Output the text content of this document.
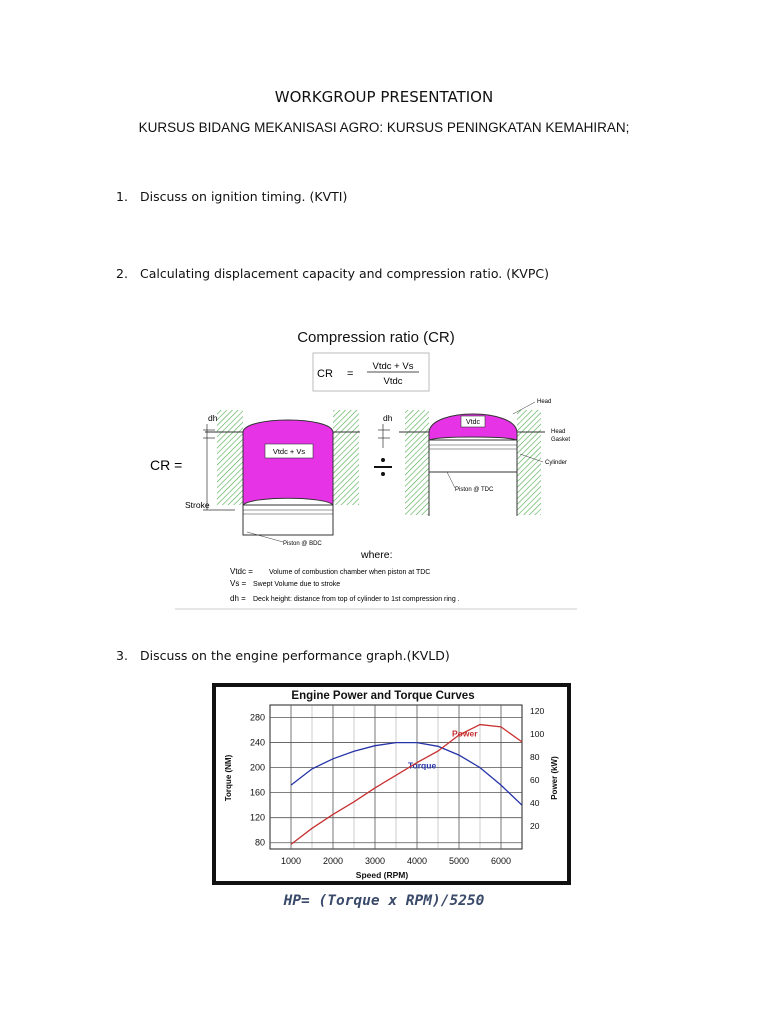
WORKGROUP PRESENTATION
KURSUS BIDANG MEKANISASI AGRO: KURSUS PENINGKATAN KEMAHIRAN;
1. Discuss on ignition timing. (KVTI)
2. Calculating displacement capacity and compression ratio. (KVPC)
Compression ratio (CR)
CR =
Vtdc + Vs
Vtdc
Vtdc + Vs
dh
Stroke
Piston @ BDC
CR =
Vtdc
dh
Piston @ TDC
Head
Head
Gasket
Cylinder
where:
Vtdc = Volume of combustion chamber when piston at TDC
Vs = Swept Volume due to stroke
dh = Deck height: distance from top of cylinder to 1st compression ring .
3. Discuss on the engine performance graph.(KVLD)
Engine Power and Torque Curves
1000 2000 3000 4000 5000 6000
80
120
160
200
240
280
20
40
60
80
100
120
Torque
Power
Speed (RPM)
Torque (NM)	Power (kW)
HP= (Torque x RPM)/5250
